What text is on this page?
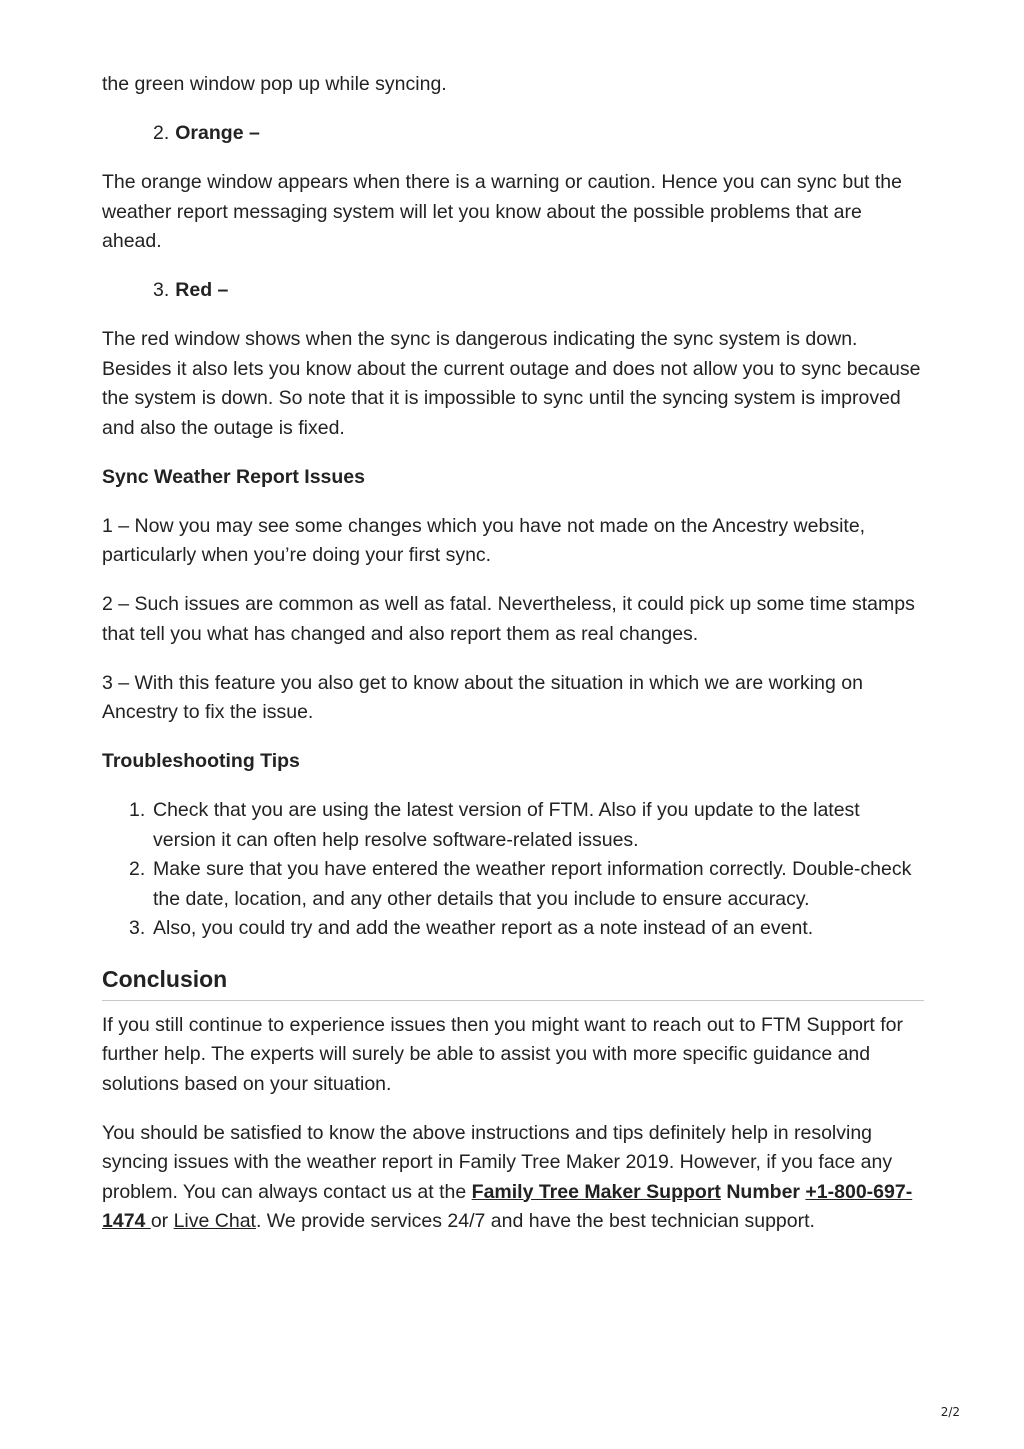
the green window pop up while syncing.

2. Orange –

The orange window appears when there is a warning or caution. Hence you can sync but the weather report messaging system will let you know about the possible problems that are ahead.

3. Red –

The red window shows when the sync is dangerous indicating the sync system is down. Besides it also lets you know about the current outage and does not allow you to sync because the system is down. So note that it is impossible to sync until the syncing system is improved and also the outage is fixed.

Sync Weather Report Issues

1 – Now you may see some changes which you have not made on the Ancestry website, particularly when you’re doing your first sync.

2 – Such issues are common as well as fatal. Nevertheless, it could pick up some time stamps that tell you what has changed and also report them as real changes.

3 – With this feature you also get to know about the situation in which we are working on Ancestry to fix the issue.

Troubleshooting Tips
1. Check that you are using the latest version of FTM. Also if you update to the latest version it can often help resolve software-related issues.
2. Make sure that you have entered the weather report information correctly. Double-check the date, location, and any other details that you include to ensure accuracy.
3. Also, you could try and add the weather report as a note instead of an event.
Conclusion

If you still continue to experience issues then you might want to reach out to FTM Support for further help. The experts will surely be able to assist you with more specific guidance and solutions based on your situation.

You should be satisfied to know the above instructions and tips definitely help in resolving syncing issues with the weather report in Family Tree Maker 2019. However, if you face any problem. You can always contact us at the Family Tree Maker Support Number +1-800-697-1474 or Live Chat. We provide services 24/7 and have the best technician support.

2/2
